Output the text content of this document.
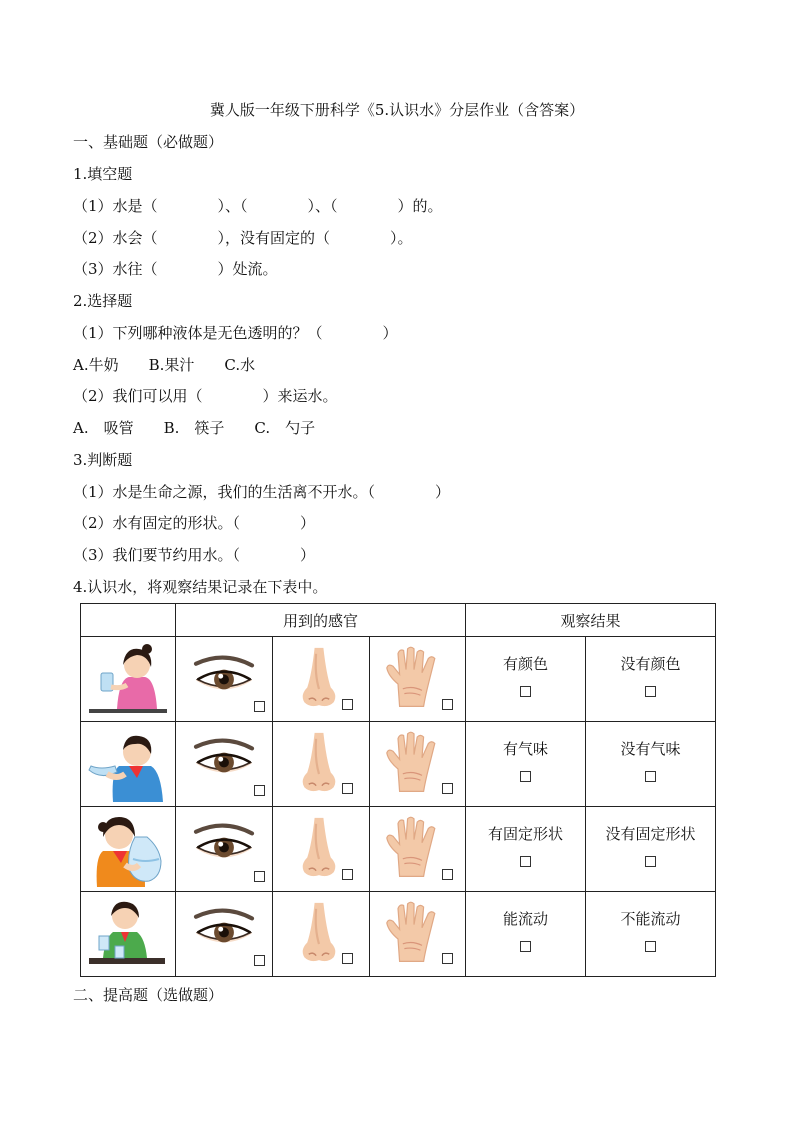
冀人版一年级下册科学《5.认识水》分层作业（含答案）
一、基础题（必做题）
1.填空题
（1）水是（　　　　）、（　　　　）、（　　　　）的。
（2）水会（　　　　），没有固定的（　　　　）。
（3）水往（　　　　）处流。
2.选择题
（1）下列哪种液体是无色透明的？（　　　　）
A.牛奶　　B.果汁　　C.水
（2）我们可以用（　　　　）来运水。
A.　吸管　　B.　筷子　　C.　勺子
3.判断题
（1）水是生命之源，我们的生活离不开水。（　　　　）
（2）水有固定的形状。（　　　　）
（3）我们要节约用水。（　　　　）
4.认识水，将观察结果记录在下表中。
	用到的感官			观察结果	

有颜色	没有颜色

有气味	没有气味

有固定形状	没有固定形状

能流动	不能流动
二、提高题（选做题）
